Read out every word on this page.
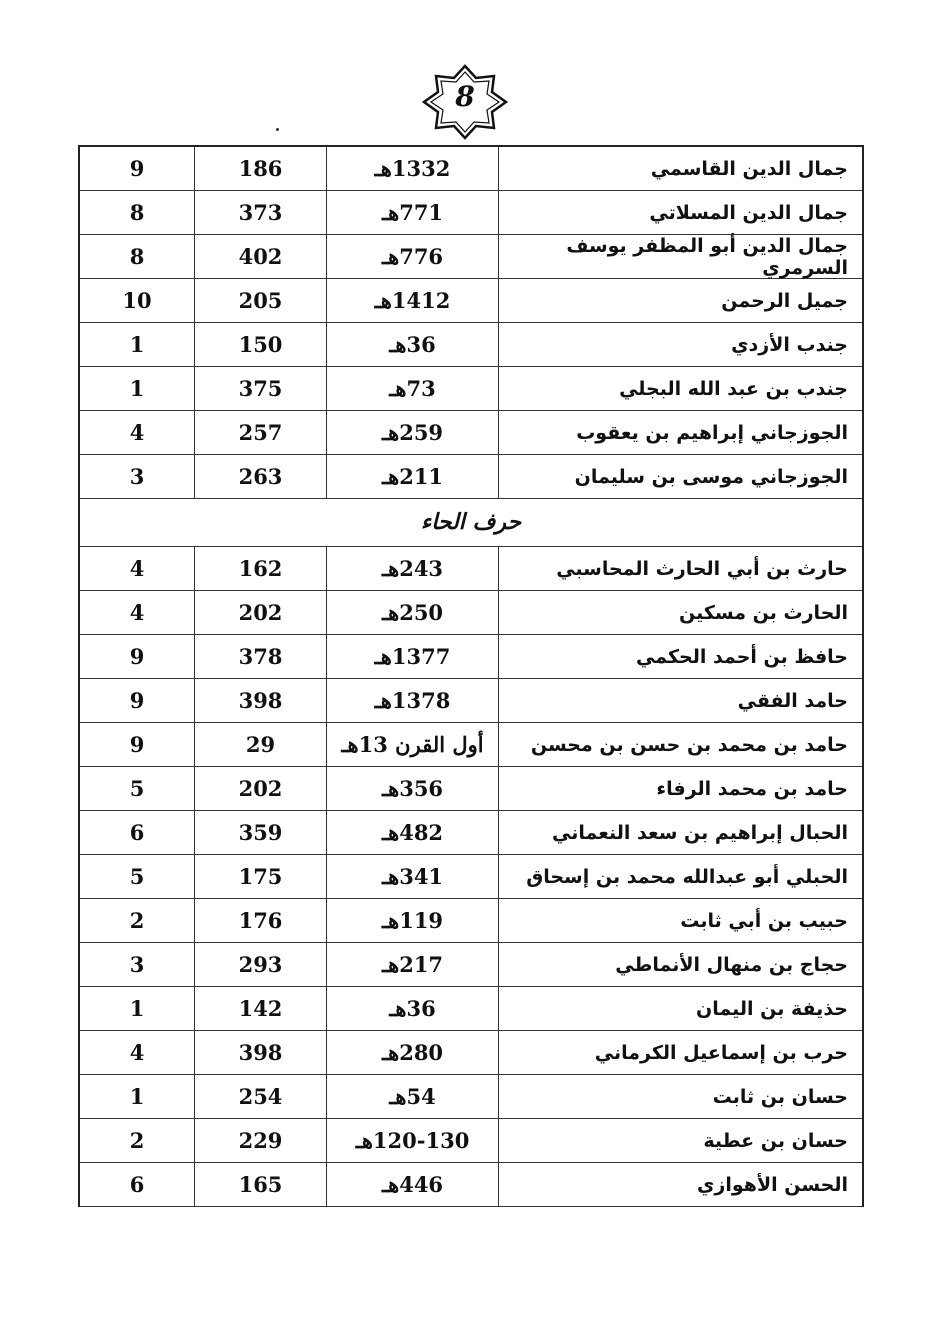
8
جمال الدين القاسمي
1332هـ
186
9
جمال الدين المسلاتي
771هـ
373
8
جمال الدين أبو المظفر يوسف السرمري
776هـ
402
8
جميل الرحمن
1412هـ
205
10
جندب الأزدي
36هـ
150
1
جندب بن عبد الله البجلي
73هـ
375
1
الجوزجاني إبراهيم بن يعقوب
259هـ
257
4
الجوزجاني موسى بن سليمان
211هـ
263
3
حرف الحاء
حارث بن أبي الحارث المحاسبي
243هـ
162
4
الحارث بن مسكين
250هـ
202
4
حافظ بن أحمد الحكمي
1377هـ
378
9
حامد الفقي
1378هـ
398
9
حامد بن محمد بن حسن بن محسن
أول القرن 13هـ
29
9
حامد بن محمد الرفاء
356هـ
202
5
الحبال إبراهيم بن سعد النعماني
482هـ
359
6
الحبلي أبو عبدالله محمد بن إسحاق
341هـ
175
5
حبيب بن أبي ثابت
119هـ
176
2
حجاج بن منهال الأنماطي
217هـ
293
3
حذيفة بن اليمان
36هـ
142
1
حرب بن إسماعيل الكرماني
280هـ
398
4
حسان بن ثابت
54هـ
254
1
حسان بن عطية
120-130هـ
229
2
الحسن الأهوازي
446هـ
165
6
